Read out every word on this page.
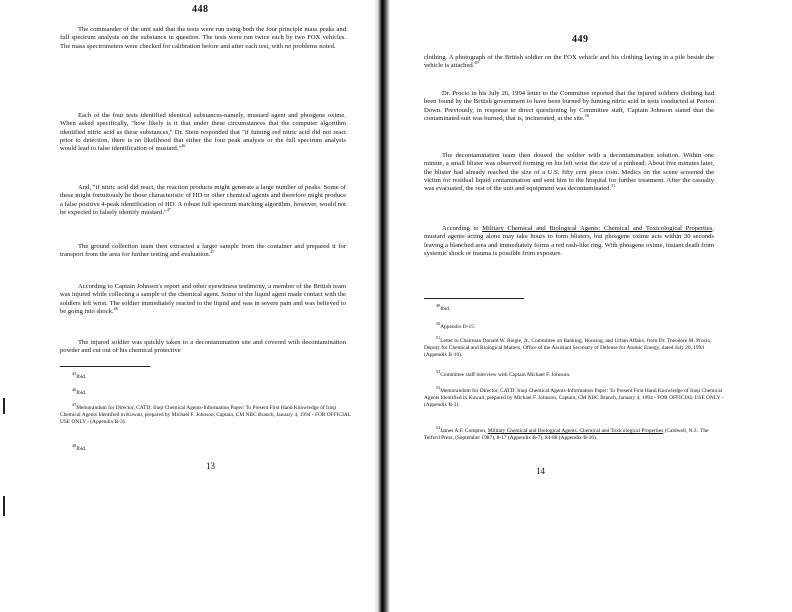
448

The commander of the unit said that the tests were run using both the four principle mass peaks and full spectrum analysis on the substance in question. The tests were run twice each by two FOX vehicles. The mass spectrometers were checked for calibration before and after each test, with no problems noted.

Each of the four tests identified identical substances-namely, mustard agent and phosgene oxime. When asked specifically, "how likely is it that under these circumstances that the computer algorithm identified nitric acid as these substances," Dr. Stein responded that "if fuming red nitric acid did not react prior to detection, there is no likelihood that either the four peak analysis or the full spectrum analysis would lead to false identification of mustard."$^{46}$

And, "if nitric acid did react, the reaction products might generate a large number of peaks. Some of these might fortuitously be those characteristic of HD or other chemical agents and therefore might produce a false positive 4-peak identification of HD. A robust full spectrum matching algorithm, however, would not be expected to falsely identify mustard."$^{47}$

The ground collection team then extracted a larger sample from the container and prepared it for transport from the area for further testing and evaluation.$^{47}$

According to Captain Johnson's report and other eyewitness testimony, a member of the British team was injured while collecting a sample of the chemical agent. Some of the liquid agent made contact with the soldiers left wrist. The soldier immediately reacted to the liquid and was in severe pain and was believed to be going into shock.$^{48}$

The injured soldier was quickly taken to a decontamination site and covered with decontamination powder and cut out of his chemical protective

$^{45}$Ibid.

$^{46}$Ibid.

$^{47}$Memorandum for Director, CATD: Iraqi Chemical Agents-Information Paper: To Present First Hand Knowledge of Iraqi Chemical Agents Identified in Kuwait, prepared by Michael F. Johnson, Captain, CM NBC Branch, January 4, 1994 - FOR OFFICIAL USE ONLY - (Appendix B-3).

$^{48}$Ibid.

13
449

clothing. A photograph of the British soldier on the FOX vehicle and his clothing laying in a pile beside the vehicle is attached.$^{49}$

Dr. Procio in his July 26, 1994 letter to the Committee reported that the injured soldiers clothing had been found by the British government to have been burned by fuming nitric acid in tests conducted at Porton Down. Previously, in response to direct questioning by Committee staff, Captain Johnson stated that the contaminated suit was burned, that is, incinerated, at the site.$^{50}$

The decontamination team then doused the soldier with a decontamination solution. Within one minute, a small blister was observed forming on his left wrist the size of a pinhead. About five minutes later, the blister had already reached the size of a U.S. fifty cent piece coin. Medics on the scene screened the victim for residual liquid contamination and sent him to the hospital for further treatment. After the casualty was evacuated, the rest of the unit and equipment was decontaminated.$^{51}$

According to Military Chemical and Biological Agents: Chemical and Toxicological Properties, mustard agents acting alone may take hours to form blisters, but phosgene oxime acts within 30 seconds leaving a blanched area and immediately forms a red rash-like ring. With phosgene oxime, instant death from systemic shock or trauma is possible from exposure.

$^{49}$Ibid.

$^{50}$Appendix D-15

$^{51}$Letter to Chairman Donald W. Riegle, Jr., Committee on Banking, Housing, and Urban Affairs, from Dr. Theodore M. Procio, Deputy for Chemical and Biological Matters, Office of the Assistant Secretary of Defense for Atomic Energy, dated July 26, 1994 (Appendix B-10).

$^{52}$Committee staff interview with Captain Michael F. Johnson.

$^{53}$Memorandum for Director, CATD: Iraqi Chemical Agents-Information Paper: To Present First Hand Knowledge of Iraqi Chemical Agents Identified in Kuwait, prepared by Michael F. Johnson, Captain, CM NBC Branch, January 4, 1994 - FOR OFFICIAL USE ONLY - (Appendix B-3).

$^{54}$James A.F. Compton, Military Chemical and Biological Agents: Chemical and Toxicological Properties (Caldwell, N.J.: The Telford Press, (September 1987), 8-17 (Appendix B-7), 84-88 (Appendix B-16).

14
